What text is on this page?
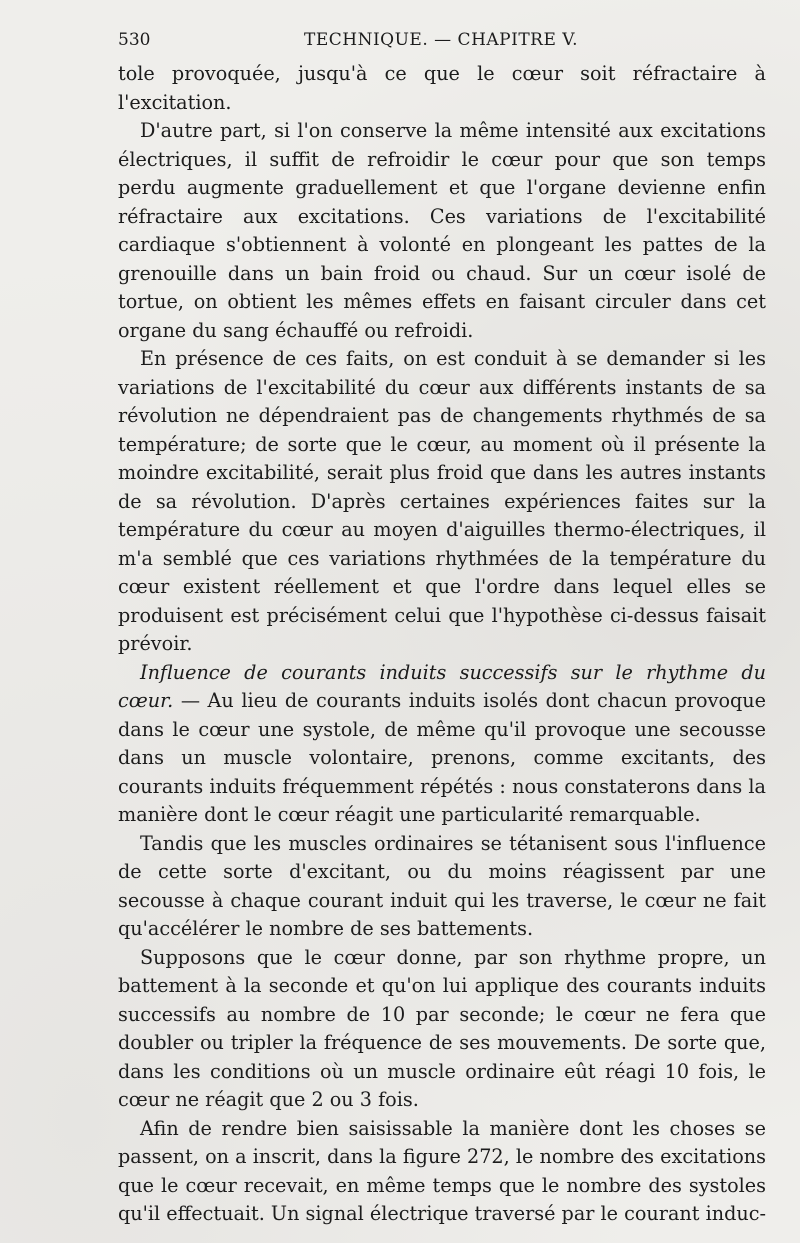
530	TECHNIQUE. — CHAPITRE V.

tole provoquée, jusqu'à ce que le cœur soit réfractaire à l'excitation.

D'autre part, si l'on conserve la même intensité aux excitations électriques, il suffit de refroidir le cœur pour que son temps perdu augmente graduellement et que l'organe devienne enfin réfractaire aux excitations. Ces variations de l'excitabilité cardiaque s'obtiennent à volonté en plongeant les pattes de la grenouille dans un bain froid ou chaud. Sur un cœur isolé de tortue, on obtient les mêmes effets en faisant circuler dans cet organe du sang échauffé ou refroidi.

En présence de ces faits, on est conduit à se demander si les variations de l'excitabilité du cœur aux différents instants de sa révolution ne dépendraient pas de changements rhythmés de sa température; de sorte que le cœur, au moment où il présente la moindre excitabilité, serait plus froid que dans les autres instants de sa révolution. D'après certaines expériences faites sur la température du cœur au moyen d'aiguilles thermo-électriques, il m'a semblé que ces variations rhythmées de la température du cœur existent réellement et que l'ordre dans lequel elles se produisent est précisément celui que l'hypothèse ci-dessus faisait prévoir.

Influence de courants induits successifs sur le rhythme du cœur. — Au lieu de courants induits isolés dont chacun provoque dans le cœur une systole, de même qu'il provoque une secousse dans un muscle volontaire, prenons, comme excitants, des courants induits fréquemment répétés : nous constaterons dans la manière dont le cœur réagit une particularité remarquable.

Tandis que les muscles ordinaires se tétanisent sous l'influence de cette sorte d'excitant, ou du moins réagissent par une secousse à chaque courant induit qui les traverse, le cœur ne fait qu'accélérer le nombre de ses battements.

Supposons que le cœur donne, par son rhythme propre, un battement à la seconde et qu'on lui applique des courants induits successifs au nombre de 10 par seconde; le cœur ne fera que doubler ou tripler la fréquence de ses mouvements. De sorte que, dans les conditions où un muscle ordinaire eût réagi 10 fois, le cœur ne réagit que 2 ou 3 fois.

Afin de rendre bien saisissable la manière dont les choses se passent, on a inscrit, dans la figure 272, le nombre des excitations que le cœur recevait, en même temps que le nombre des systoles qu'il effectuait. Un signal électrique traversé par le courant induc-
